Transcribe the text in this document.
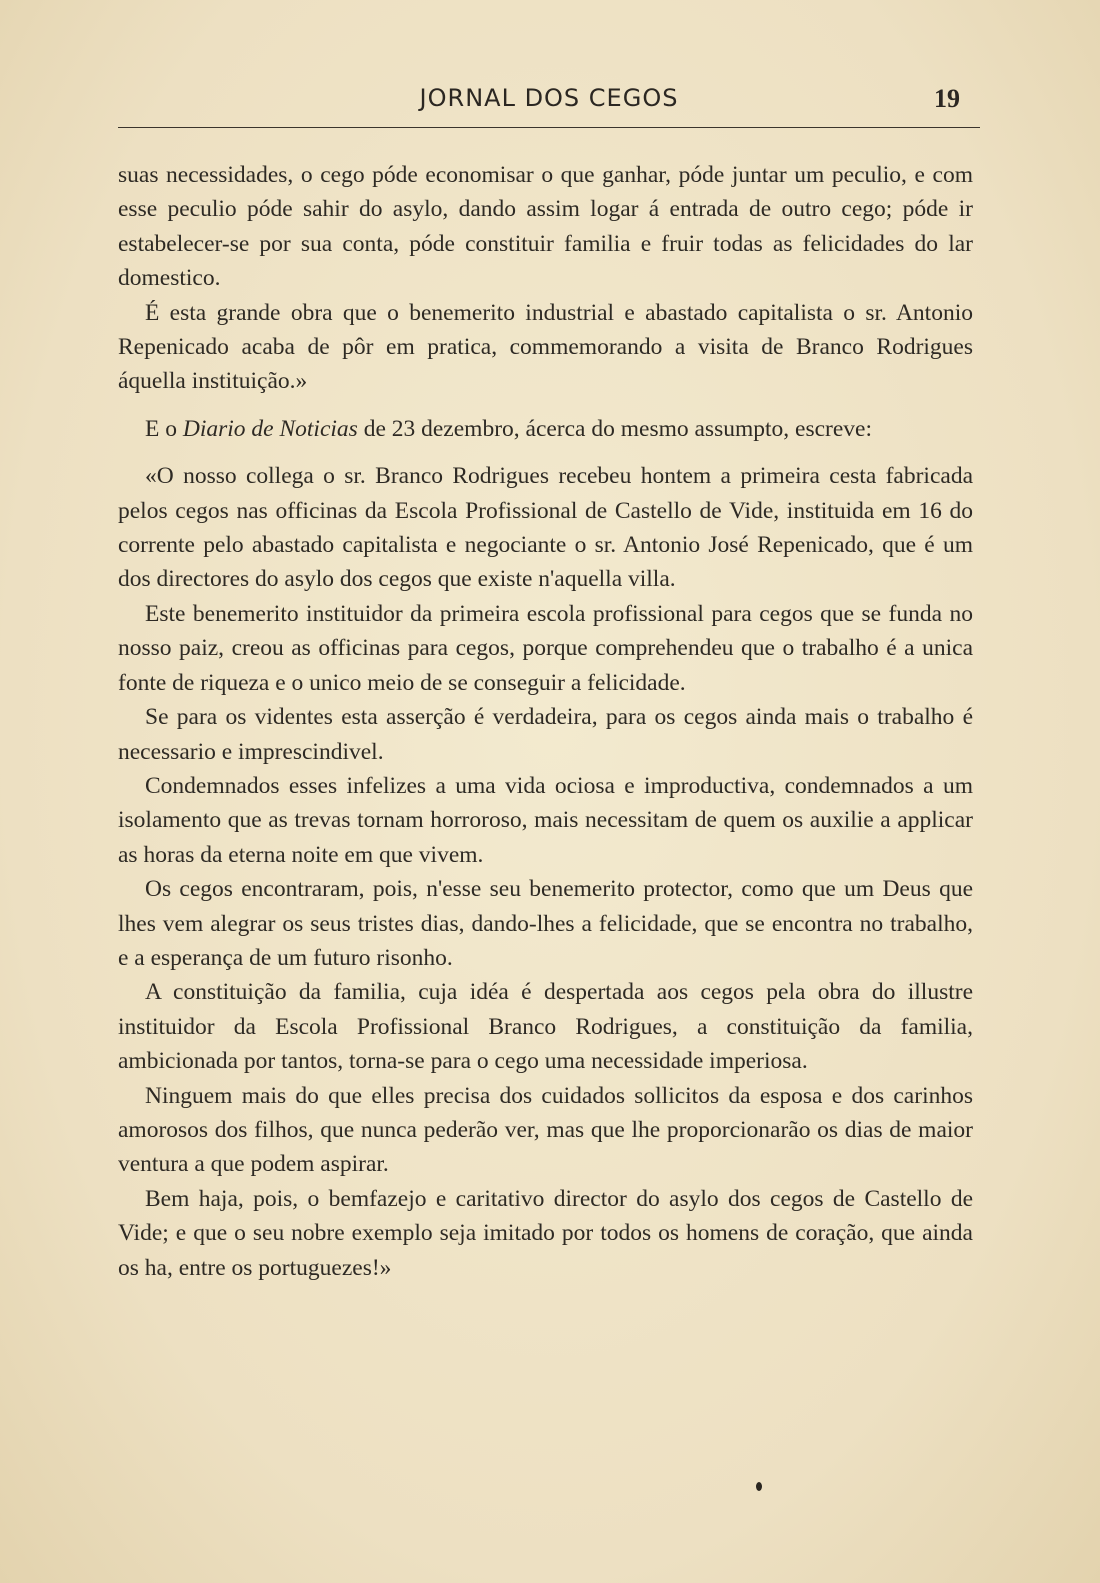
JORNAL DOS CEGOS	19

suas necessidades, o cego póde economisar o que ganhar, póde juntar um peculio, e com esse peculio póde sahir do asylo, dando assim logar á entrada de outro cego; póde ir estabelecer-se por sua conta, póde constituir familia e fruir todas as felicidades do lar domestico.

É esta grande obra que o benemerito industrial e abastado capitalista o sr. Antonio Repenicado acaba de pôr em pratica, commemorando a visita de Branco Rodrigues áquella instituição.»

E o Diario de Noticias de 23 dezembro, ácerca do mesmo assumpto, escreve:

«O nosso collega o sr. Branco Rodrigues recebeu hontem a primeira cesta fabricada pelos cegos nas officinas da Escola Profissional de Castello de Vide, instituida em 16 do corrente pelo abastado capitalista e negociante o sr. Antonio José Repenicado, que é um dos directores do asylo dos cegos que existe n'aquella villa.

Este benemerito instituidor da primeira escola profissional para cegos que se funda no nosso paiz, creou as officinas para cegos, porque comprehendeu que o trabalho é a unica fonte de riqueza e o unico meio de se conseguir a felicidade.

Se para os videntes esta asserção é verdadeira, para os cegos ainda mais o trabalho é necessario e imprescindivel.

Condemnados esses infelizes a uma vida ociosa e improductiva, condemnados a um isolamento que as trevas tornam horroroso, mais necessitam de quem os auxilie a applicar as horas da eterna noite em que vivem.

Os cegos encontraram, pois, n'esse seu benemerito protector, como que um Deus que lhes vem alegrar os seus tristes dias, dando-lhes a felicidade, que se encontra no trabalho, e a esperança de um futuro risonho.

A constituição da familia, cuja idéa é despertada aos cegos pela obra do illustre instituidor da Escola Profissional Branco Rodrigues, a constituição da familia, ambicionada por tantos, torna-se para o cego uma necessidade imperiosa.

Ninguem mais do que elles precisa dos cuidados sollicitos da esposa e dos carinhos amorosos dos filhos, que nunca pederão ver, mas que lhe proporcionarão os dias de maior ventura a que podem aspirar.

Bem haja, pois, o bemfazejo e caritativo director do asylo dos cegos de Castello de Vide; e que o seu nobre exemplo seja imitado por todos os homens de coração, que ainda os ha, entre os portuguezes!»
